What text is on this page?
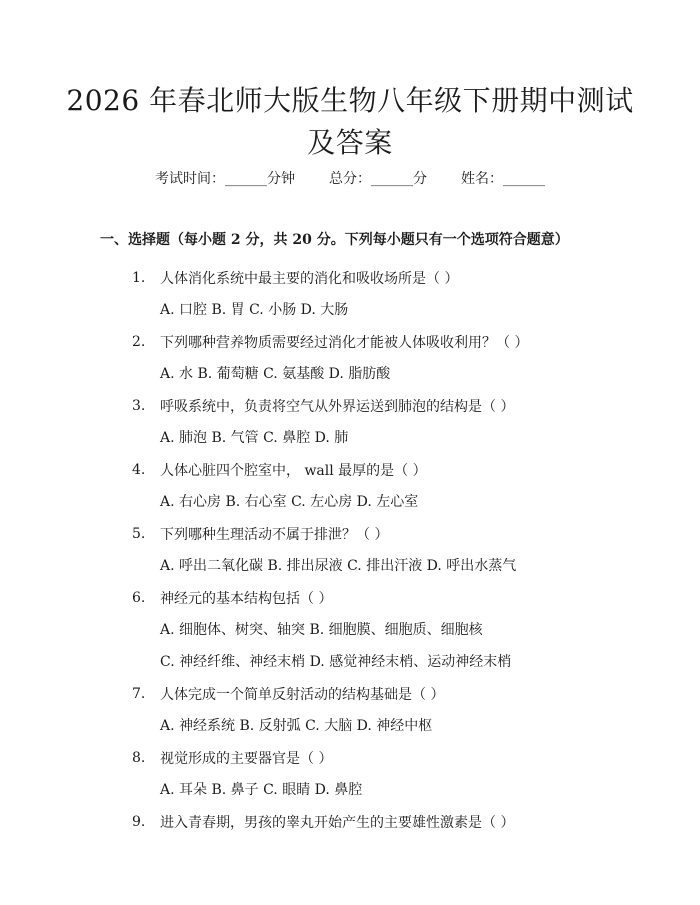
2026 年春北师大版生物八年级下册期中测试
及答案
考试时间：______分钟 总分：______分 姓名：______
一、选择题（每小题 2 分，共 20 分。下列每小题只有一个选项符合题意）
1.	人体消化系统中最主要的消化和吸收场所是（ ）
A. 口腔 B. 胃 C. 小肠 D. 大肠
2.	下列哪种营养物质需要经过消化才能被人体吸收利用？（ ）
A. 水 B. 葡萄糖 C. 氨基酸 D. 脂肪酸
3.	呼吸系统中，负责将空气从外界运送到肺泡的结构是（ ）
A. 肺泡 B. 气管 C. 鼻腔 D. 肺
4.	人体心脏四个腔室中， wall 最厚的是（ ）
A. 右心房 B. 右心室 C. 左心房 D. 左心室
5.	下列哪种生理活动不属于排泄？（ ）
A. 呼出二氧化碳 B. 排出尿液 C. 排出汗液 D. 呼出水蒸气
6.	神经元的基本结构包括（ ）
A. 细胞体、树突、轴突 B. 细胞膜、细胞质、细胞核
C. 神经纤维、神经末梢 D. 感觉神经末梢、运动神经末梢
7.	人体完成一个简单反射活动的结构基础是（ ）
A. 神经系统 B. 反射弧 C. 大脑 D. 神经中枢
8.	视觉形成的主要器官是（ ）
A. 耳朵 B. 鼻子 C. 眼睛 D. 鼻腔
9.	进入青春期，男孩的睾丸开始产生的主要雄性激素是（ ）
